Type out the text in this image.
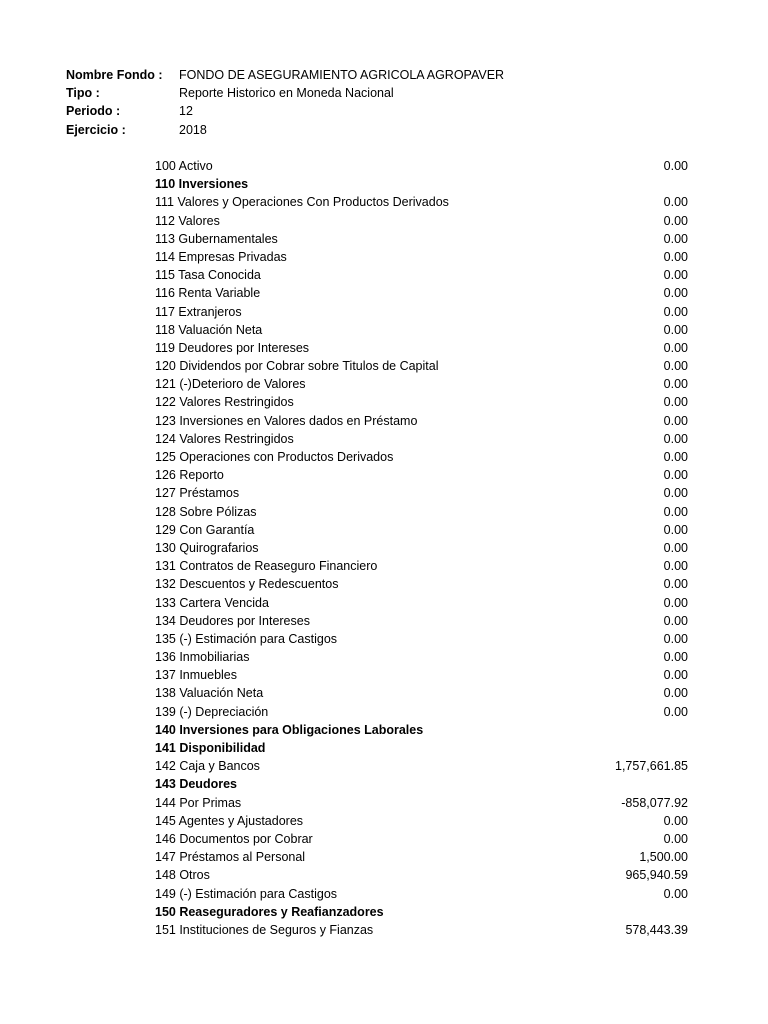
Nombre Fondo :	FONDO DE ASEGURAMIENTO AGRICOLA AGROPAVER
Tipo :	Reporte Historico en Moneda Nacional
Periodo :	12
Ejercicio :	2018
100 Activo	0.00
110 Inversiones
111 Valores y Operaciones Con Productos Derivados	0.00
112 Valores	0.00
113 Gubernamentales	0.00
114 Empresas Privadas	0.00
115 Tasa Conocida	0.00
116 Renta Variable	0.00
117 Extranjeros	0.00
118 Valuación Neta	0.00
119 Deudores por Intereses	0.00
120 Dividendos por Cobrar sobre Titulos de Capital	0.00
121 (-)Deterioro de Valores	0.00
122 Valores Restringidos	0.00
123 Inversiones en Valores dados en Préstamo	0.00
124 Valores Restringidos	0.00
125 Operaciones con Productos Derivados	0.00
126 Reporto	0.00
127 Préstamos	0.00
128 Sobre Pólizas	0.00
129 Con Garantía	0.00
130 Quirografarios	0.00
131 Contratos de Reaseguro Financiero	0.00
132 Descuentos y Redescuentos	0.00
133 Cartera Vencida	0.00
134 Deudores por Intereses	0.00
135 (-) Estimación para Castigos	0.00
136 Inmobiliarias	0.00
137 Inmuebles	0.00
138 Valuación Neta	0.00
139 (-) Depreciación	0.00
140 Inversiones para Obligaciones Laborales
141 Disponibilidad
142 Caja y Bancos	1,757,661.85
143 Deudores
144 Por Primas	-858,077.92
145 Agentes y Ajustadores	0.00
146 Documentos por Cobrar	0.00
147 Préstamos al Personal	1,500.00
148 Otros	965,940.59
149 (-) Estimación para Castigos	0.00
150 Reaseguradores y Reafianzadores
151 Instituciones de Seguros y Fianzas	578,443.39
